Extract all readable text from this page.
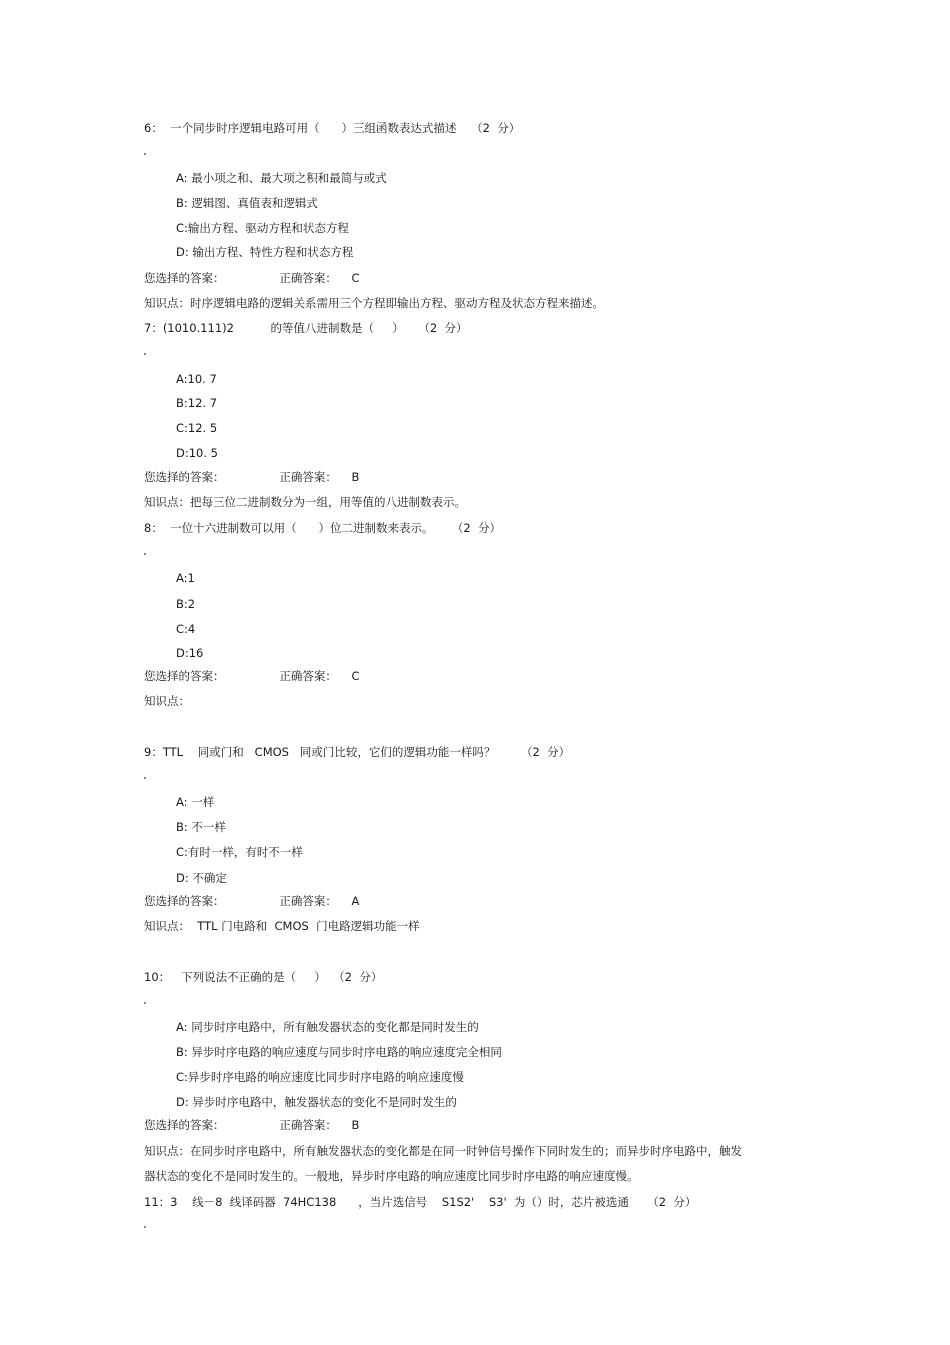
6：  一个同步时序逻辑电路可用（      ）三组函数表达式描述    （2  分）
A: 最小项之和、最大项之积和最简与或式
B: 逻辑图、真值表和逻辑式
C:输出方程、驱动方程和状态方程
D: 输出方程、特性方程和状态方程
您选择的答案：               正确答案：    C
知识点：时序逻辑电路的逻辑关系需用三个方程即输出方程、驱动方程及状态方程来描述。
7：(1010.111)2          的等值八进制数是（     ）    （2  分）
A:10. 7
B:12. 7
C:12. 5
D:10. 5
您选择的答案：               正确答案：    B
知识点：把每三位二进制数分为一组，用等值的八进制数表示。
8：  一位十六进制数可以用（      ）位二进制数来表示。     （2  分）
A:1
B:2
C:4
D:16
您选择的答案：               正确答案：    C
知识点：
9：TTL    同或门和   CMOS   同或门比较，它们的逻辑功能一样吗？       （2  分）
A: 一样
B: 不一样
C:有时一样，有时不一样
D: 不确定
您选择的答案：               正确答案：    A
知识点：  TTL 门电路和  CMOS  门电路逻辑功能一样
10：   下列说法不正确的是（     ）  （2  分）
A: 同步时序电路中，所有触发器状态的变化都是同时发生的
B: 异步时序电路的响应速度与同步时序电路的响应速度完全相同
C:异步时序电路的响应速度比同步时序电路的响应速度慢
D: 异步时序电路中，触发器状态的变化不是同时发生的
您选择的答案：               正确答案：    B
知识点：在同步时序电路中，所有触发器状态的变化都是在同一时钟信号操作下同时发生的；而异步时序电路中，触发
器状态的变化不是同时发生的。一般地，异步时序电路的响应速度比同步时序电路的响应速度慢。
11：3    线－8  线译码器  74HC138      ，当片选信号    S1S2'    S3'  为（）时，芯片被选通     （2  分）
